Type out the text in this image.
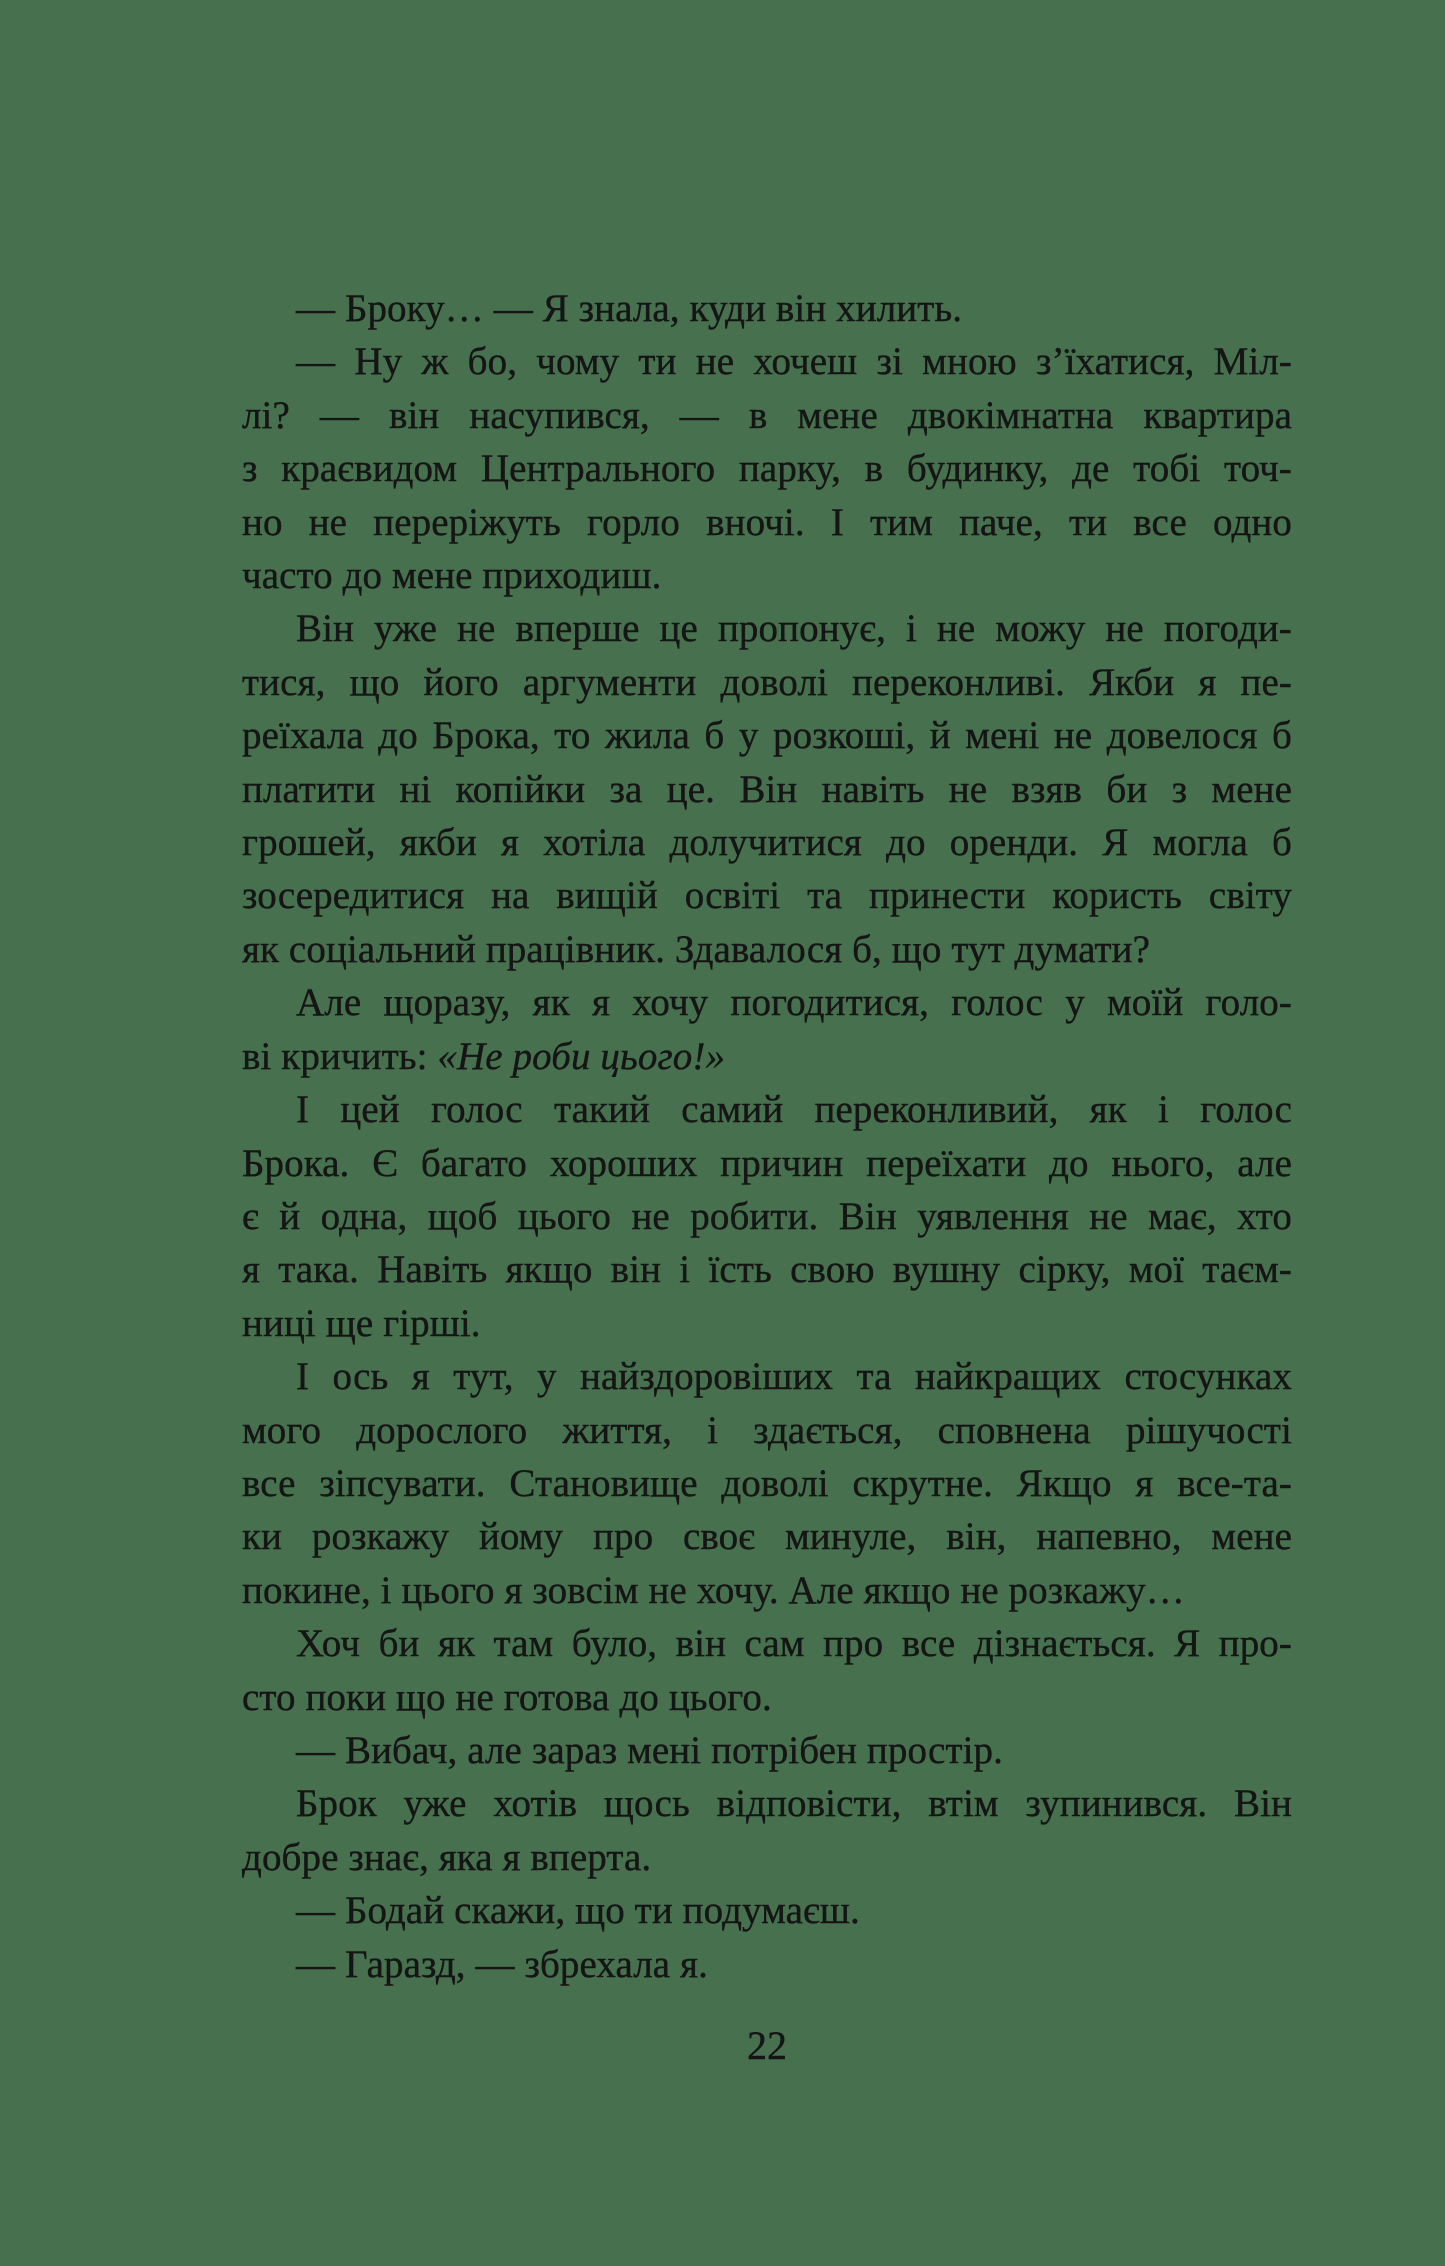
— Броку… — Я знала, куди він хилить.
— Ну ж бо, чому ти не хочеш зі мною зʼїхатися, Міл-
лі? — він насупився, — в мене двокімнатна квартира
з краєвидом Центрального парку, в будинку, де тобі точ-
но не переріжуть горло вночі. І тим паче, ти все одно
часто до мене приходиш.
Він уже не вперше це пропонує, і не можу не погоди-
тися, що його аргументи доволі переконливі. Якби я пе-
реїхала до Брока, то жила б у розкоші, й мені не довелося б
платити ні копійки за це. Він навіть не взяв би з мене
грошей, якби я хотіла долучитися до оренди. Я могла б
зосередитися на вищій освіті та принести користь світу
як соціальний працівник. Здавалося б, що тут думати?
Але щоразу, як я хочу погодитися, голос у моїй голо-
ві кричить: «Не роби цього!»
І цей голос такий самий переконливий, як і голос
Брока. Є багато хороших причин переїхати до нього, але
є й одна, щоб цього не робити. Він уявлення не має, хто
я така. Навіть якщо він і їсть свою вушну сірку, мої таєм-
ниці ще гірші.
І ось я тут, у найздоровіших та найкращих стосунках
мого дорослого життя, і здається, сповнена рішучості
все зіпсувати. Становище доволі скрутне. Якщо я все-та-
ки розкажу йому про своє минуле, він, напевно, мене
покине, і цього я зовсім не хочу. Але якщо не розкажу…
Хоч би як там було, він сам про все дізнається. Я про-
сто поки що не готова до цього.
— Вибач, але зараз мені потрібен простір.
Брок уже хотів щось відповісти, втім зупинився. Він
добре знає, яка я вперта.
— Бодай скажи, що ти подумаєш.
— Гаразд, — збрехала я.
22
